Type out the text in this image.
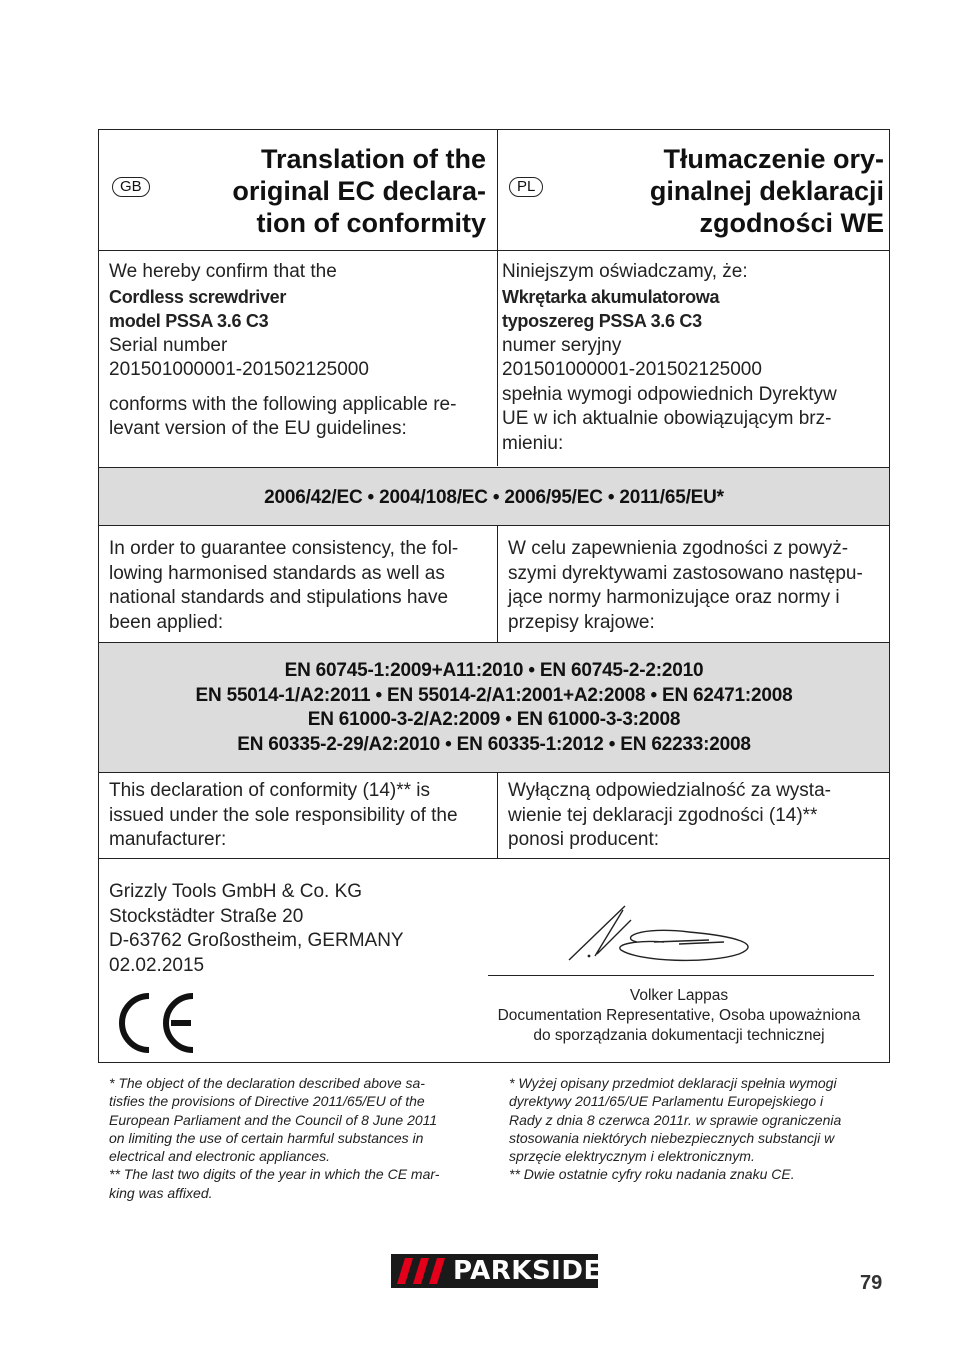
GB
Translation of the
original EC declara-
tion of conformity
PL
Tłumaczenie ory-
ginalnej deklaracji
zgodności WE
We hereby confirm that the
Cordless screwdriver
model PSSA 3.6 C3
Serial number
201501000001-201502125000
conforms with the following applicable re-
levant version of the EU guidelines:
Niniejszym oświadczamy, że:
Wkrętarka akumulatorowa
typoszereg PSSA 3.6 C3
numer seryjny
201501000001-201502125000
spełnia wymogi odpowiednich Dyrektyw
UE w ich aktualnie obowiązującym brz-
mieniu:
2006/42/EC • 2004/108/EC • 2006/95/EC • 2011/65/EU*
In order to guarantee consistency, the fol-
lowing harmonised standards as well as
national standards and stipulations have
been applied:
W celu zapewnienia zgodności z powyż-
szymi dyrektywami zastosowano następu-
jące normy harmonizujące oraz normy i
przepisy krajowe:
EN 60745-1:2009+A11:2010 • EN 60745-2-2:2010
EN 55014-1/A2:2011 • EN 55014-2/A1:2001+A2:2008 • EN 62471:2008
EN 61000-3-2/A2:2009 • EN 61000-3-3:2008
EN 60335-2-29/A2:2010 • EN 60335-1:2012 • EN 62233:2008
This declaration of conformity (14)** is
issued under the sole responsibility of the
manufacturer:
Wyłączną odpowiedzialność za wysta-
wienie tej deklaracji zgodności (14)**
ponosi producent:
Grizzly Tools GmbH & Co. KG
Stockstädter Straße 20
D-63762 Großostheim, GERMANY
02.02.2015
Volker Lappas
Documentation Representative, Osoba upoważniona
do sporządzania dokumentacji technicznej
* The object of the declaration described above sa-
tisfies the provisions of Directive 2011/65/EU of the
European Parliament and the Council of 8 June 2011
on limiting the use of certain harmful substances in
electrical and electronic appliances.
** The last two digits of the year in which the CE mar-
king was affixed.
* Wyżej opisany przedmiot deklaracji spełnia wymogi
dyrektywy 2011/65/UE Parlamentu Europejskiego i
Rady z dnia 8 czerwca 2011r. w sprawie ograniczenia
stosowania niektórych niebezpiecznych substancji w
sprzęcie elektrycznym i elektronicznym.
** Dwie ostatnie cyfry roku nadania znaku CE.
PARKSIDE	79
